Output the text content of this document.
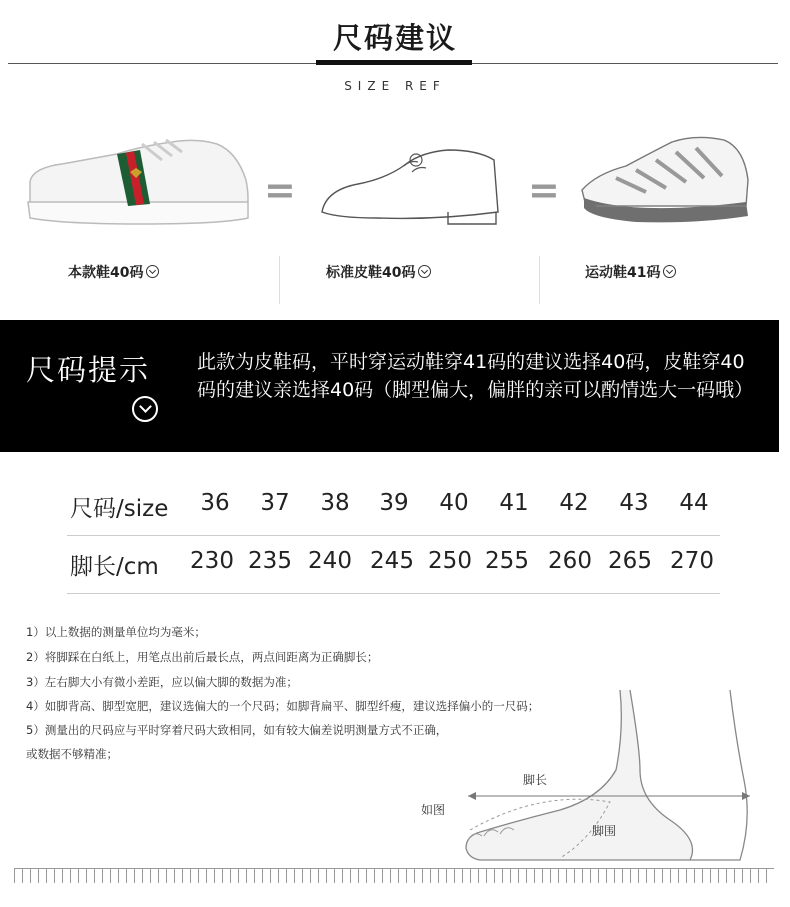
尺码建议
SIZE REF
=	=
本款鞋40码	标准皮鞋40码	运动鞋41码
尺码提示 此款为皮鞋码，平时穿运动鞋穿41码的建议选择40码，皮鞋穿40码的建议亲选择40码（脚型偏大，偏胖的亲可以酌情选大一码哦）
尺码/size	36	37	38	39	40	41	42	43	44
脚长/cm	230 235 240 245 250 255 260 265 270
1）以上数据的测量单位均为毫米；
2）将脚踩在白纸上，用笔点出前后最长点，两点间距离为正确脚长；
3）左右脚大小有微小差距，应以偏大脚的数据为准；
4）如脚背高、脚型宽肥，建议选偏大的一个尺码；如脚背扁平、脚型纤瘦，建议选择偏小的一尺码；
5）测量出的尺码应与平时穿着尺码大致相同，如有较大偏差说明测量方式不正确，
或数据不够精准；
脚长
如图
脚围
